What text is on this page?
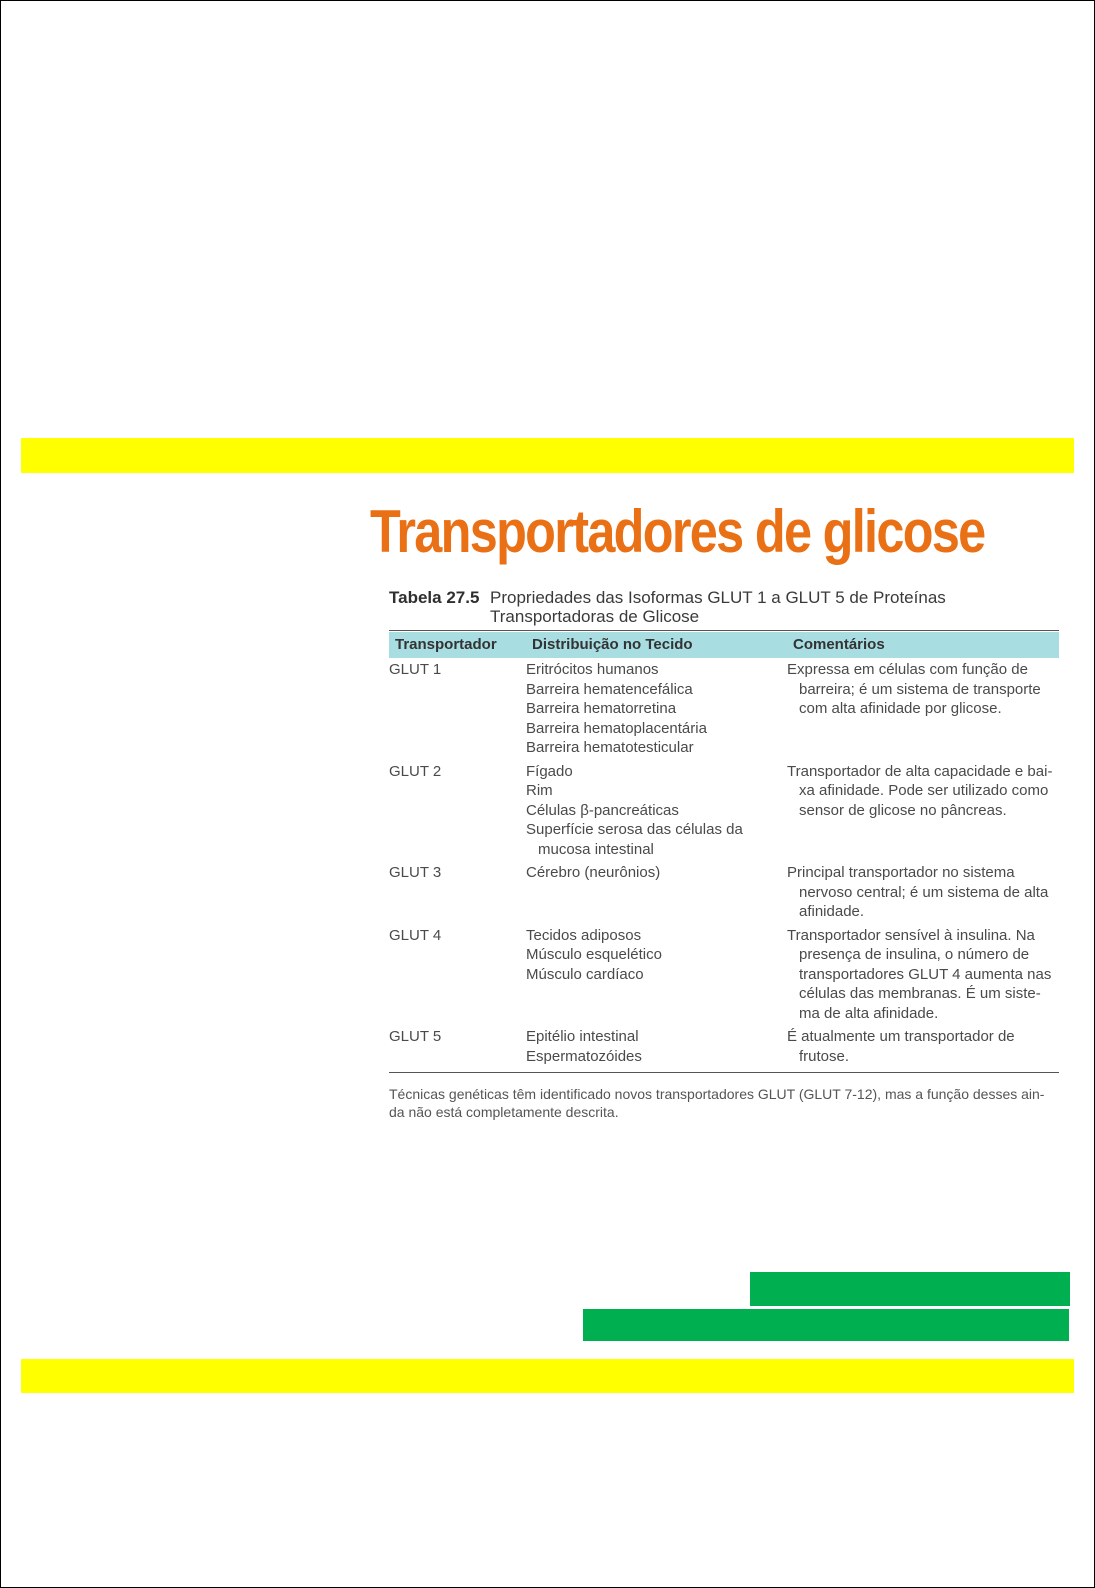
Transportadores de glicose
Tabela 27.5 Propriedades das Isoformas GLUT 1 a GLUT 5 de Proteínas
Transportadoras de Glicose
Transportador	Distribuição no Tecido	Comentários
GLUT 1	Eritrócitos humanos
Barreira hematencefálica
Barreira hematorretina
Barreira hematoplacentária
Barreira hematotesticular	Expressa em células com função de
barreira; é um sistema de transporte
com alta afinidade por glicose.

GLUT 2	Fígado
Rim
Células β-pancreáticas
Superfície serosa das células da
mucosa intestinal	Transportador de alta capacidade e bai-
xa afinidade. Pode ser utilizado como
sensor de glicose no pâncreas.

GLUT 3	Cérebro (neurônios)	Principal transportador no sistema
nervoso central; é um sistema de alta
afinidade.

GLUT 4	Tecidos adiposos
Músculo esquelético
Músculo cardíaco	Transportador sensível à insulina. Na
presença de insulina, o número de
transportadores GLUT 4 aumenta nas
células das membranas. É um siste-
ma de alta afinidade.

GLUT 5	Epitélio intestinal
Espermatozóides	É atualmente um transportador de
frutose.
Técnicas genéticas têm identificado novos transportadores GLUT (GLUT 7-12), mas a função desses ain-
da não está completamente descrita.
